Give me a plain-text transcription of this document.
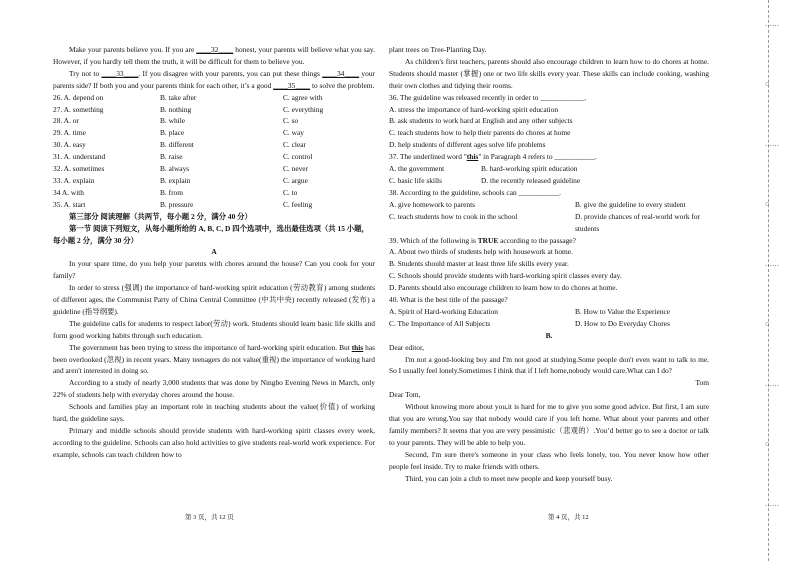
Make your parents believe you. If you are ____32____ honest, your parents will believe what you say. However, if you hardly tell them the truth, it will be difficult for them to believe you.

Try not to ____33____. If you disagree with your parents, you can put these things ____34____ your parents side? If both you and your parents think for each other, it’s a good ____35____ to solve the problem.

26. A. depend on	B. take after	C. agree with
27. A. something	B. nothing	C. everything
28. A. or	B. while	C. so
29. A. time	B. place	C. way
30. A. easy	B. different	C. clear
31. A. understand	B. raise	C. control
32. A. sometimes	B. always	C. never
33. A. explain	B. explain	C. argue
34 A. with	B. from	C. to
35. A. start	B. pressure	C. feeling

第三部分 阅读理解（共两节，每小题 2 分，满分 40 分）

第一节 阅读下列短文，从每小题所给的 A, B, C, D 四个选项中，选出最佳选项（共 15 小题，每小题 2 分，满分 30 分）

A

In your spare time, do you help your parents with chores around the house? Can you cook for your family?

In order to stress (强调) the importance of hard-working spirit education (劳动教育) among students of different ages, the Communist Party of China Central Committee (中共中央) recently released (发布) a guideline (指导纲要).

The guideline calls for students to respect labor(劳动) work. Students should learn basic life skills and form good working habits through such education.

The government has been trying to stress the importance of hard-working spirit education. But this has been overlooked (忽视) in recent years. Many teenagers do not value(重视) the importance of working hard and aren't interested in doing so.

According to a study of nearly 3,000 students that was done by Ningbo Evening News in March, only 22% of students help with everyday chores around the house.

Schools and families play an important role in teaching students about the value(价值) of working hard, the guideline says.

Primary and middle schools should provide students with hard-working spirit classes every week, according to the guideline. Schools can also hold activities to give students real-world work experience. For example, schools can teach children how to

第 3 页，共 12 页

plant trees on Tree-Planting Day.

As children's first teachers, parents should also encourage children to learn how to do chores at home. Students should master (掌握) one or two life skills every year. These skills can include cooking, washing their own clothes and tidying their rooms.

36. The guideline was released recently in order to ____________.

A. stress the importance of hard-working spirit education

B. ask students to work hard at English and any other subjects

C. teach students how to help their parents do chores at home

D. help students of different ages solve life problems

37. The underlined word "this" in Paragraph 4 refers to ___________.

A. the government	B. hard-working spirit education
C. basic life skills	D. the recently released guideline

38. According to the guideline, schools can ___________.

A. give homework to parents	B. give the guideline to every student
C. teach students how to cook in the school	D. provide chances of real-world work for students

39. Which of the following is TRUE according to the passage?

A. About two thirds of students help with housework at home.

B. Students should master at least three life skills every year.

C. Schools should provide students with hard-working spirit classes every day.

D. Parents should also encourage children to learn how to do chores at home.

40. What is the best title of the passage?

A. Spirit of Hard-working Education	B. How to Value the Experience
C. The Importance of All Subjects	D. How to Do Everyday Chores

B.

Dear editor,

I'm not a good-looking boy and I'm not good at studying.Some people don't even want to talk to me. So I usually feel lonely.Sometimes I think that if I left home,nobody would care.What can I do?

Tom

Dear Tom,

Without knowing more about you,it is hard for me to give you some good advice. But first, I am sure that you are wrong.You say that nobody would care if you left home. What about your parents and other family members? It seems that you are very pessimistic（悲观的）.You’d better go to see a doctor or talk to your parents. They will be able to help you.

Second, I'm sure there's someone in your class who feels lonely, too. You never know how other people feel inside. Try to make friends with others.

Third, you can join a club to meet new people and keep yourself busy.

第 4 页，共 12
……
○
……
○
……
○
……
○
……
